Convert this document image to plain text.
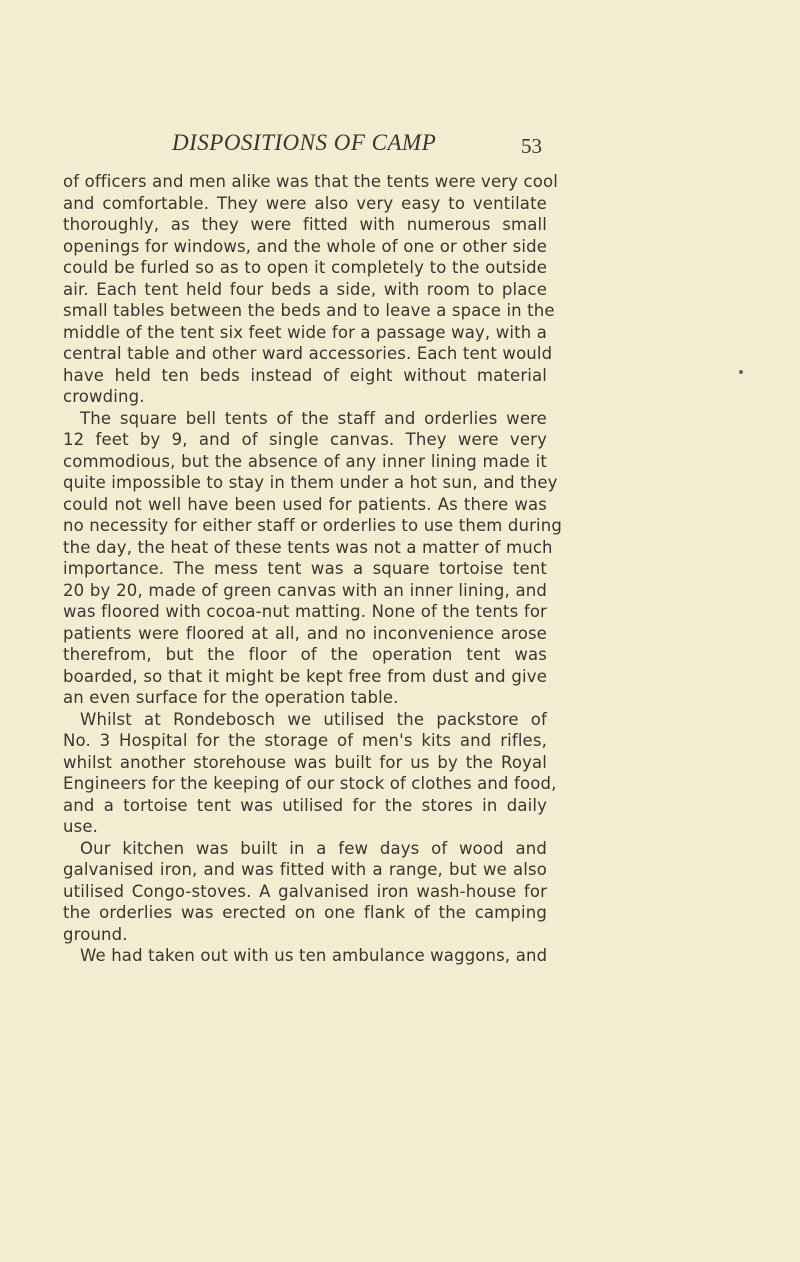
DISPOSITIONS OF CAMP	53
of officers and men alike was that the tents were very cool
and comfortable. They were also very easy to ventilate
thoroughly, as they were fitted with numerous small
openings for windows, and the whole of one or other side
could be furled so as to open it completely to the outside
air. Each tent held four beds a side, with room to place
small tables between the beds and to leave a space in the
middle of the tent six feet wide for a passage way, with a
central table and other ward accessories. Each tent would
have held ten beds instead of eight without material
crowding.
The square bell tents of the staff and orderlies were
12 feet by 9, and of single canvas. They were very
commodious, but the absence of any inner lining made it
quite impossible to stay in them under a hot sun, and they
could not well have been used for patients. As there was
no necessity for either staff or orderlies to use them during
the day, the heat of these tents was not a matter of much
importance. The mess tent was a square tortoise tent
20 by 20, made of green canvas with an inner lining, and
was floored with cocoa-nut matting. None of the tents for
patients were floored at all, and no inconvenience arose
therefrom, but the floor of the operation tent was
boarded, so that it might be kept free from dust and give
an even surface for the operation table.
Whilst at Rondebosch we utilised the packstore of
No. 3 Hospital for the storage of men's kits and rifles,
whilst another storehouse was built for us by the Royal
Engineers for the keeping of our stock of clothes and food,
and a tortoise tent was utilised for the stores in daily
use.
Our kitchen was built in a few days of wood and
galvanised iron, and was fitted with a range, but we also
utilised Congo-stoves. A galvanised iron wash-house for
the orderlies was erected on one flank of the camping
ground.
We had taken out with us ten ambulance waggons, and
